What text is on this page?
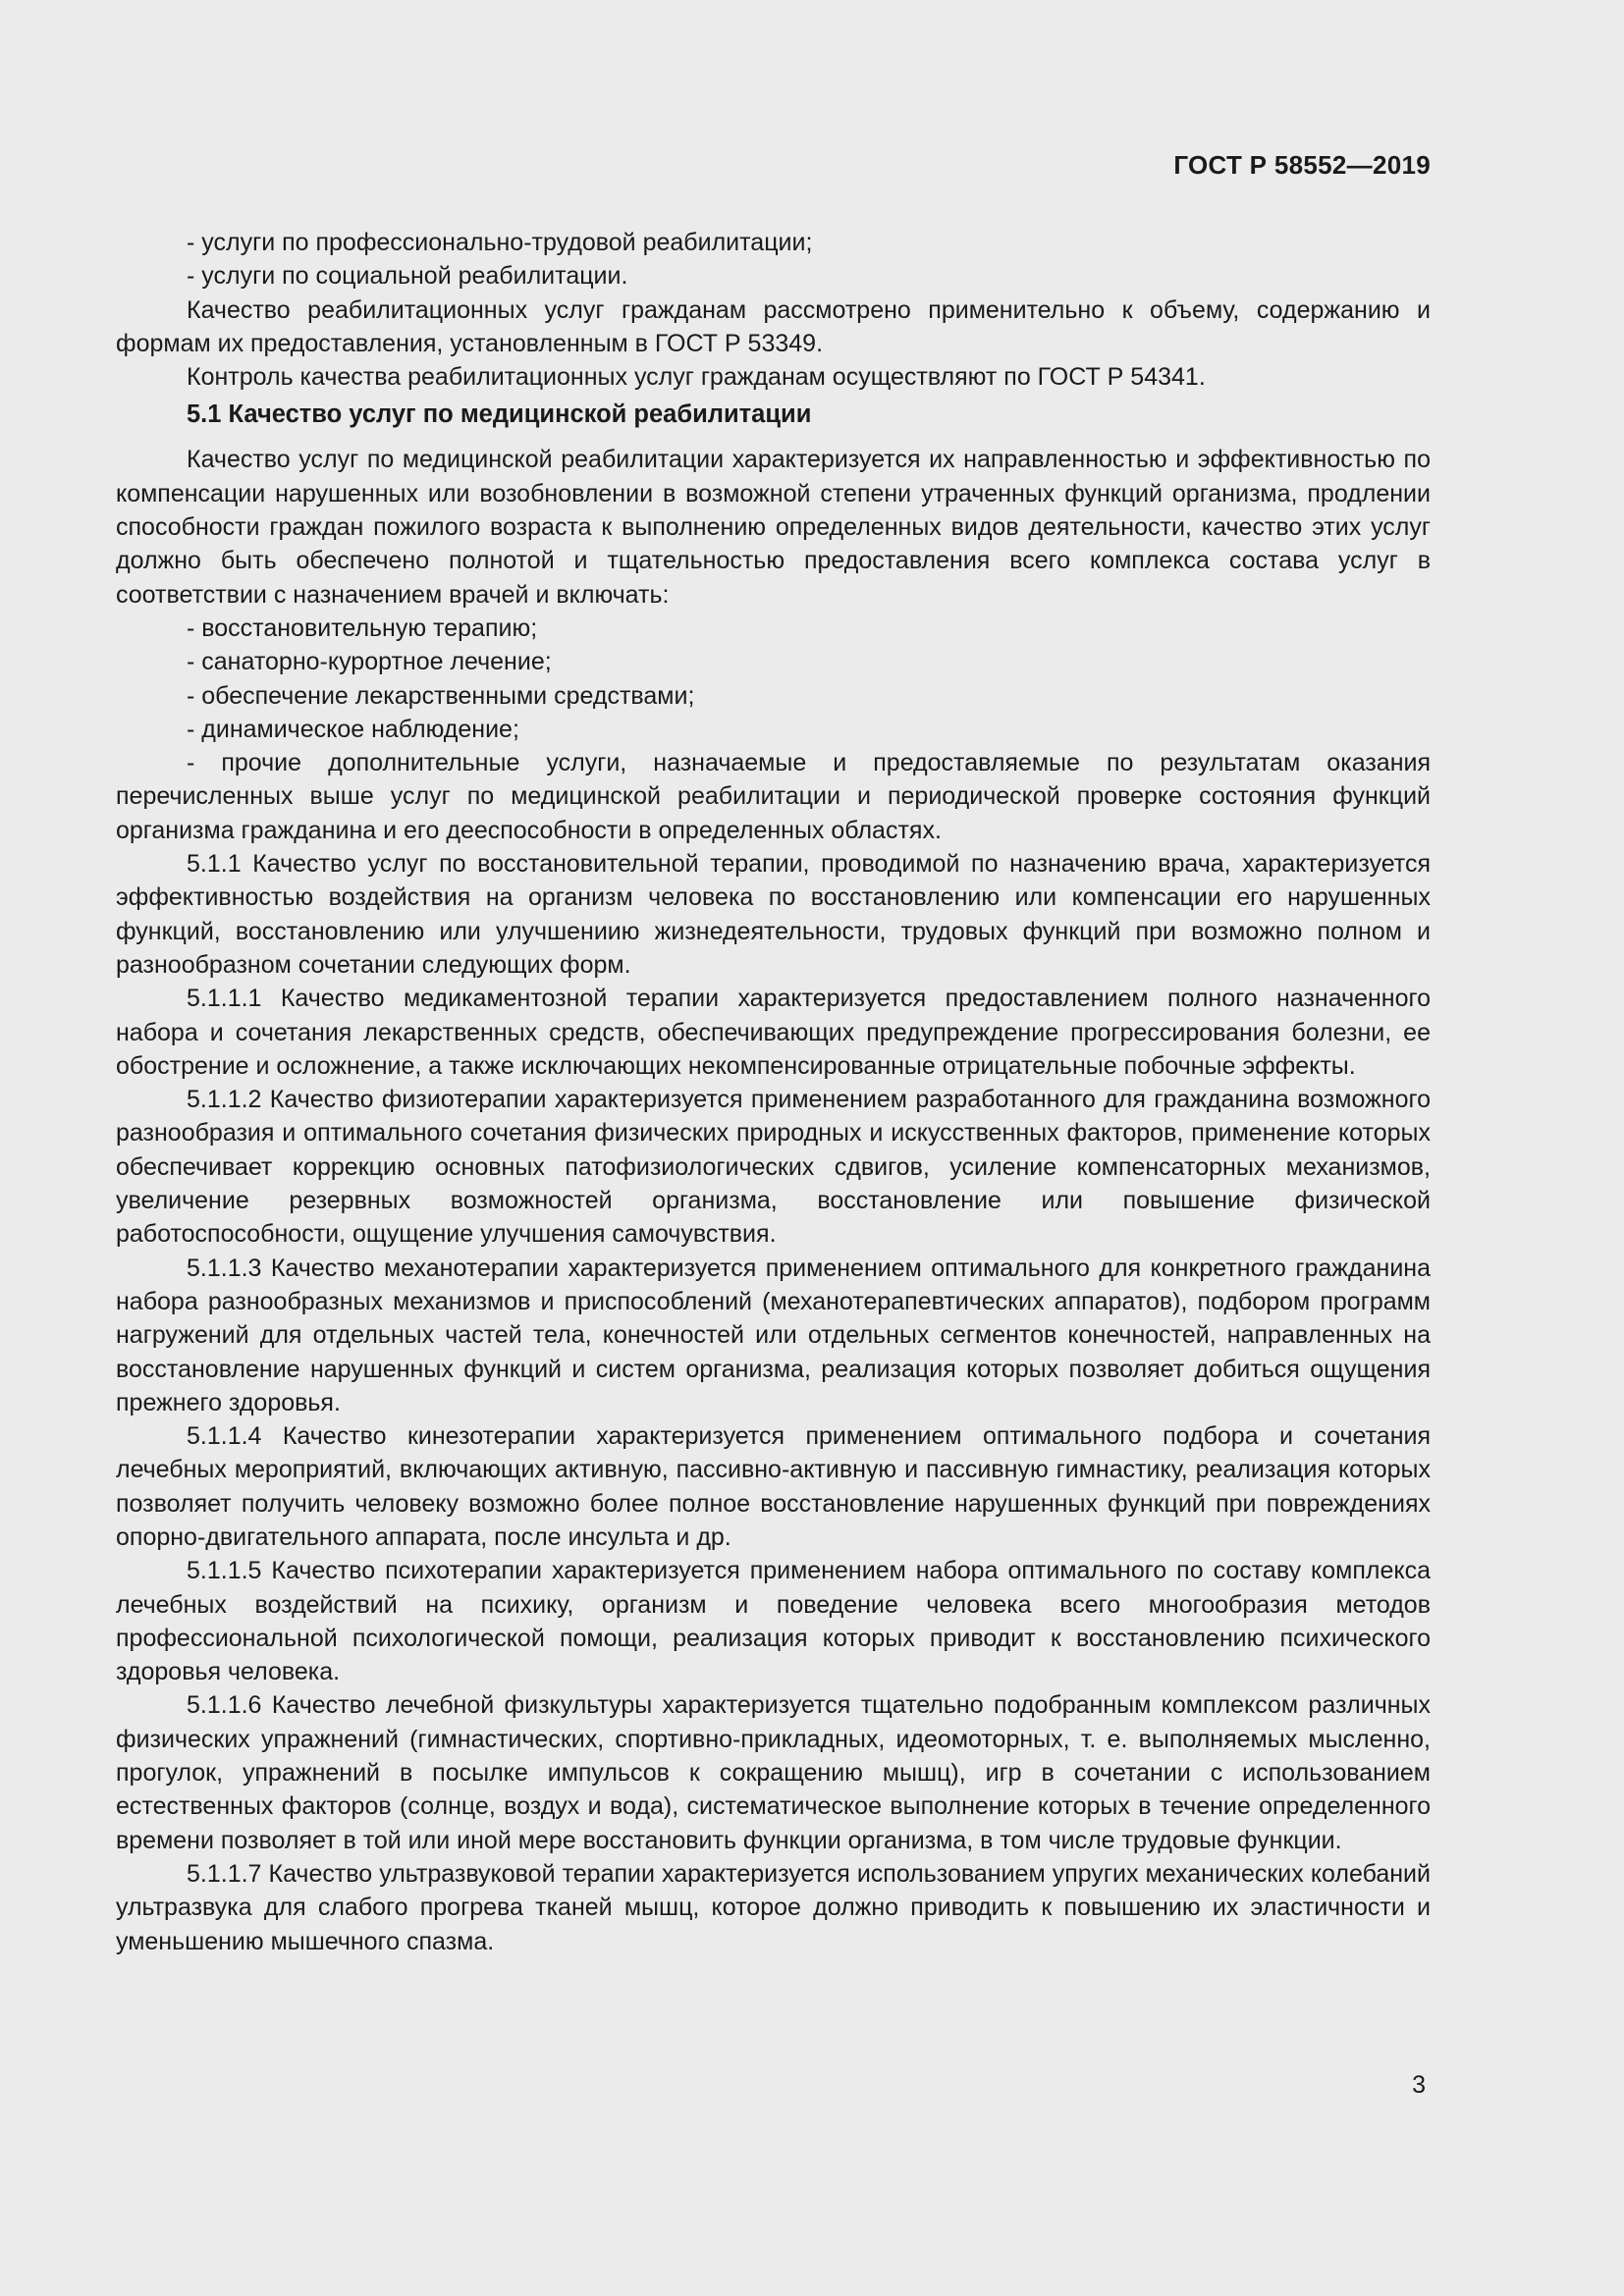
ГОСТ Р 58552—2019

- услуги по профессионально-трудовой реабилитации;

- услуги по социальной реабилитации.

Качество реабилитационных услуг гражданам рассмотрено применительно к объему, содержанию и формам их предоставления, установленным в ГОСТ Р 53349.

Контроль качества реабилитационных услуг гражданам осуществляют по ГОСТ Р 54341.

5.1 Качество услуг по медицинской реабилитации

Качество услуг по медицинской реабилитации характеризуется их направленностью и эффективностью по компенсации нарушенных или возобновлении в возможной степени утраченных функций организма, продлении способности граждан пожилого возраста к выполнению определенных видов деятельности, качество этих услуг должно быть обеспечено полнотой и тщательностью предоставления всего комплекса состава услуг в соответствии с назначением врачей и включать:

- восстановительную терапию;

- санаторно-курортное лечение;

- обеспечение лекарственными средствами;

- динамическое наблюдение;

- прочие дополнительные услуги, назначаемые и предоставляемые по результатам оказания перечисленных выше услуг по медицинской реабилитации и периодической проверке состояния функций организма гражданина и его дееспособности в определенных областях.

5.1.1 Качество услуг по восстановительной терапии, проводимой по назначению врача, характеризуется эффективностью воздействия на организм человека по восстановлению или компенсации его нарушенных функций, восстановлению или улучшениию жизнедеятельности, трудовых функций при возможно полном и разнообразном сочетании следующих форм.

5.1.1.1 Качество медикаментозной терапии характеризуется предоставлением полного назначенного набора и сочетания лекарственных средств, обеспечивающих предупреждение прогрессирования болезни, ее обострение и осложнение, а также исключающих некомпенсированные отрицательные побочные эффекты.

5.1.1.2 Качество физиотерапии характеризуется применением разработанного для гражданина возможного разнообразия и оптимального сочетания физических природных и искусственных факторов, применение которых обеспечивает коррекцию основных патофизиологических сдвигов, усиление компенсаторных механизмов, увеличение резервных возможностей организма, восстановление или повышение физической работоспособности, ощущение улучшения самочувствия.

5.1.1.3 Качество механотерапии характеризуется применением оптимального для конкретного гражданина набора разнообразных механизмов и приспособлений (механотерапевтических аппаратов), подбором программ нагружений для отдельных частей тела, конечностей или отдельных сегментов конечностей, направленных на восстановление нарушенных функций и систем организма, реализация которых позволяет добиться ощущения прежнего здоровья.

5.1.1.4 Качество кинезотерапии характеризуется применением оптимального подбора и сочетания лечебных мероприятий, включающих активную, пассивно-активную и пассивную гимнастику, реализация которых позволяет получить человеку возможно более полное восстановление нарушенных функций при повреждениях опорно-двигательного аппарата, после инсульта и др.

5.1.1.5 Качество психотерапии характеризуется применением набора оптимального по составу комплекса лечебных воздействий на психику, организм и поведение человека всего многообразия методов профессиональной психологической помощи, реализация которых приводит к восстановлению психического здоровья человека.

5.1.1.6 Качество лечебной физкультуры характеризуется тщательно подобранным комплексом различных физических упражнений (гимнастических, спортивно-прикладных, идеомоторных, т. е. выполняемых мысленно, прогулок, упражнений в посылке импульсов к сокращению мышц), игр в сочетании с использованием естественных факторов (солнце, воздух и вода), систематическое выполнение которых в течение определенного времени позволяет в той или иной мере восстановить функции организма, в том числе трудовые функции.

5.1.1.7 Качество ультразвуковой терапии характеризуется использованием упругих механических колебаний ультразвука для слабого прогрева тканей мышц, которое должно приводить к повышению их эластичности и уменьшению мышечного спазма.

3
